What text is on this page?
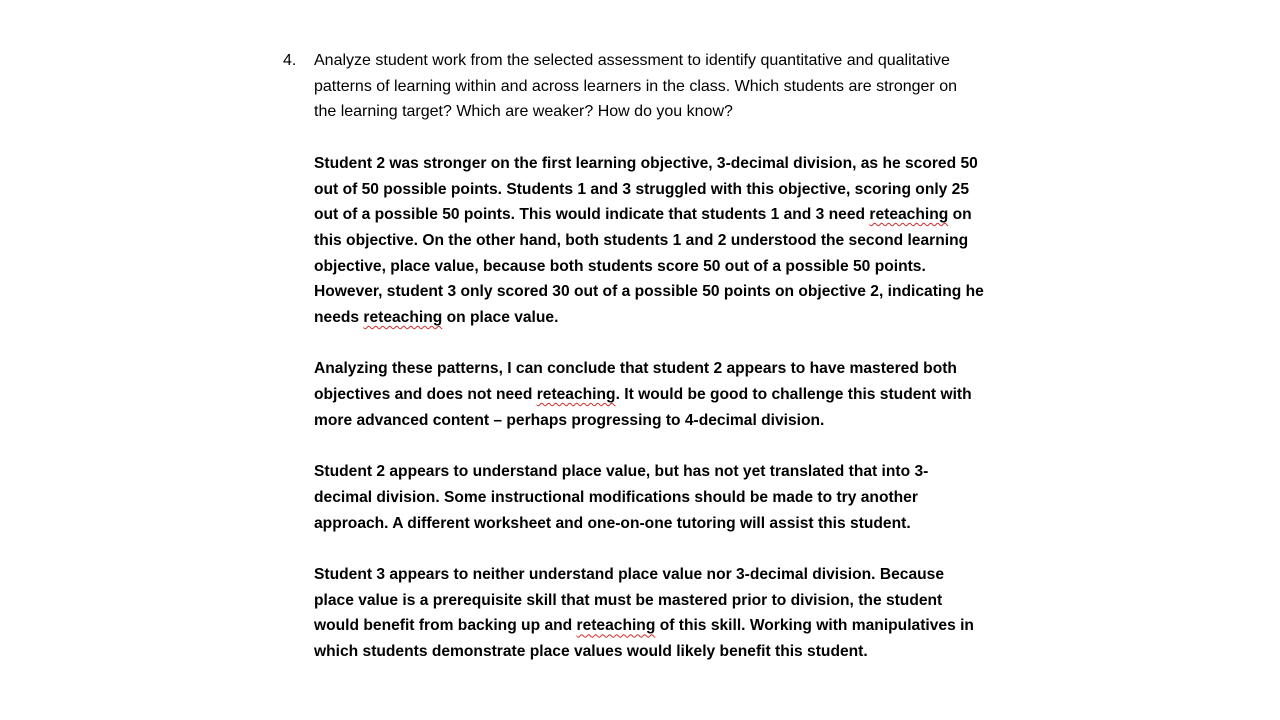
4. Analyze student work from the selected assessment to identify quantitative and qualitative

patterns of learning within and across learners in the class. Which students are stronger on

the learning target? Which are weaker? How do you know?

Student 2 was stronger on the first learning objective, 3-decimal division, as he scored 50

out of 50 possible points. Students 1 and 3 struggled with this objective, scoring only 25

out of a possible 50 points. This would indicate that students 1 and 3 need reteaching on

this objective. On the other hand, both students 1 and 2 understood the second learning

objective, place value, because both students score 50 out of a possible 50 points.

However, student 3 only scored 30 out of a possible 50 points on objective 2, indicating he

needs reteaching on place value.

Analyzing these patterns, I can conclude that student 2 appears to have mastered both

objectives and does not need reteaching. It would be good to challenge this student with

more advanced content – perhaps progressing to 4-decimal division.

Student 2 appears to understand place value, but has not yet translated that into 3-

decimal division. Some instructional modifications should be made to try another

approach. A different worksheet and one-on-one tutoring will assist this student.

Student 3 appears to neither understand place value nor 3-decimal division. Because

place value is a prerequisite skill that must be mastered prior to division, the student

would benefit from backing up and reteaching of this skill. Working with manipulatives in

which students demonstrate place values would likely benefit this student.
